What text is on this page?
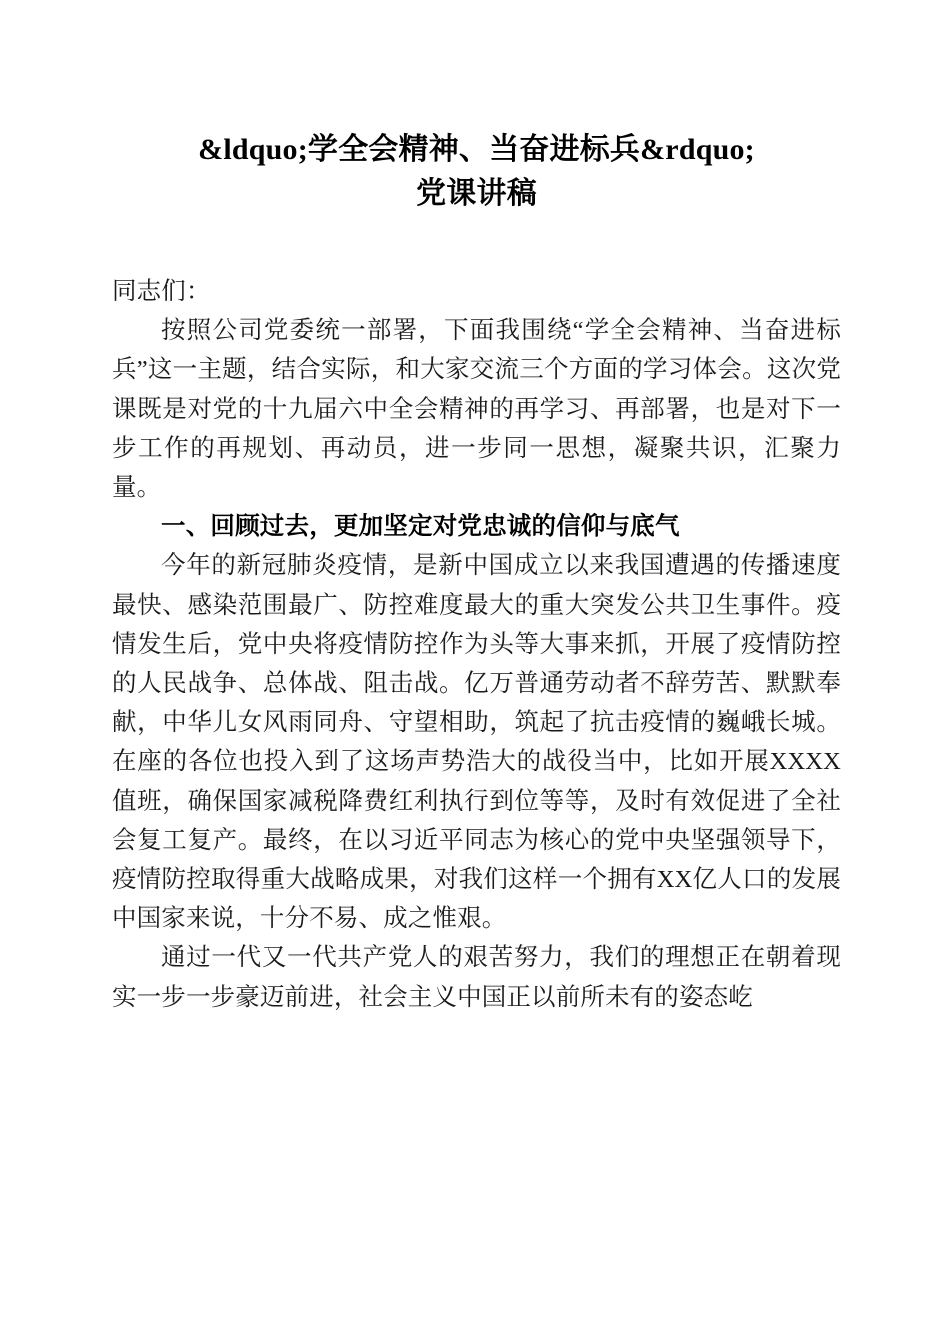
&ldquo;学全会精神、当奋进标兵&rdquo;
党课讲稿

同志们：

按照公司党委统一部署，下面我围绕“学全会精神、当奋进标兵”这一主题，结合实际，和大家交流三个方面的学习体会。这次党课既是对党的十九届六中全会精神的再学习、再部署，也是对下一步工作的再规划、再动员，进一步同一思想，凝聚共识，汇聚力量。

一、回顾过去，更加坚定对党忠诚的信仰与底气

今年的新冠肺炎疫情，是新中国成立以来我国遭遇的传播速度最快、感染范围最广、防控难度最大的重大突发公共卫生事件。疫情发生后，党中央将疫情防控作为头等大事来抓，开展了疫情防控的人民战争、总体战、阻击战。亿万普通劳动者不辞劳苦、默默奉献，中华儿女风雨同舟、守望相助，筑起了抗击疫情的巍峨长城。在座的各位也投入到了这场声势浩大的战役当中，比如开展XXXX值班，确保国家减税降费红利执行到位等等，及时有效促进了全社会复工复产。最终，在以习近平同志为核心的党中央坚强领导下，疫情防控取得重大战略成果，对我们这样一个拥有XX亿人口的发展中国家来说，十分不易、成之惟艰。

通过一代又一代共产党人的艰苦努力，我们的理想正在朝着现实一步一步豪迈前进，社会主义中国正以前所未有的姿态屹
